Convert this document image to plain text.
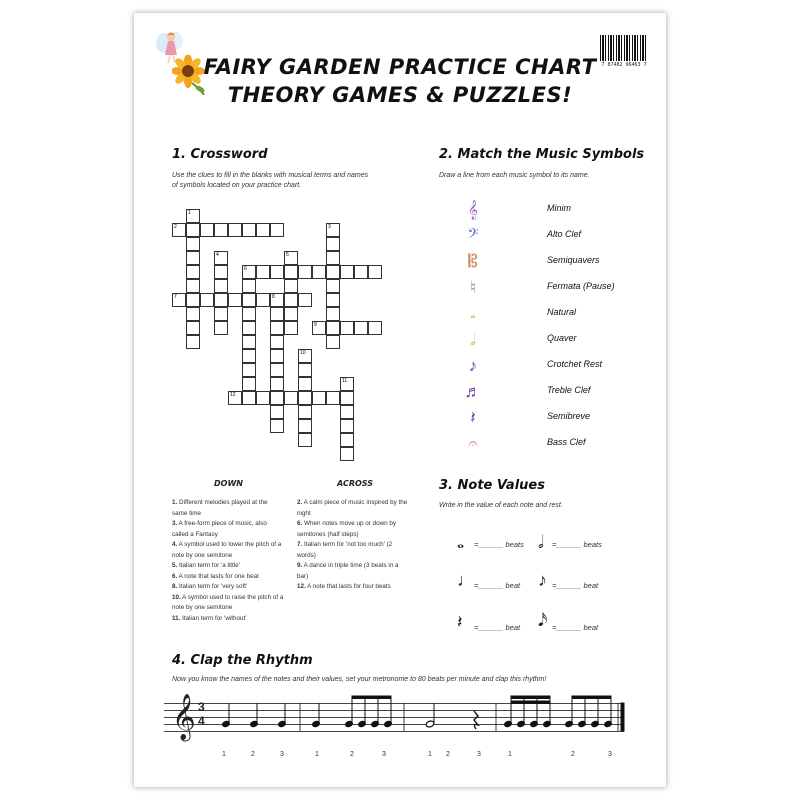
7 87482 96463 7
FAIRY GARDEN PRACTICE CHART
THEORY GAMES & PUZZLES!
1. Crossword
Use the clues to fill in the blanks with musical terms and names of symbols located on your practice chart.
1
2	3
4	5
6
7	8
9
10
11
12
DOWN	ACROSS
1. Different melodies played at the same time
3. A free-form piece of music, also called a Fantasy
4. A symbol used to lower the pitch of a note by one semitone
5. Italian term for 'a little'
6. A note that lasts for one beat
8. Italian term for 'very soft'
10. A symbol used to raise the pitch of a note by one semitone
11. Italian term for 'without'
2. A calm piece of music inspired by the night
6. When notes move up or down by semitones (half steps)
7. Italian term for 'not too much' (2 words)
9. A dance in triple time (3 beats in a bar)
12. A note that lasts for four beats
2. Match the Music Symbols
Draw a line from each music symbol to its name.
𝄞	Minim
𝄢	Alto Clef
𝄡	Semiquavers
♮	Fermata (Pause)
𝅝	Natural
𝅗𝅥	Quaver
♪	Crotchet Rest
♬	Treble Clef
𝄽	Semibreve
𝄐	Bass Clef
3. Note Values
Write in the value of each note and rest.
𝅝 =______ beats 𝅗𝅥 =______ beats
♩ =______ beat ♪ =______ beat
𝄽 =______ beat 𝅘𝅥𝅯 =______ beat
4. Clap the Rhythm
Now you know the names of the notes and their values, set your metronome to 80 beats per minute and clap this rhythm!
𝄞 3
4
1	2	3	1	2	3	1 2	3	1	2	3
